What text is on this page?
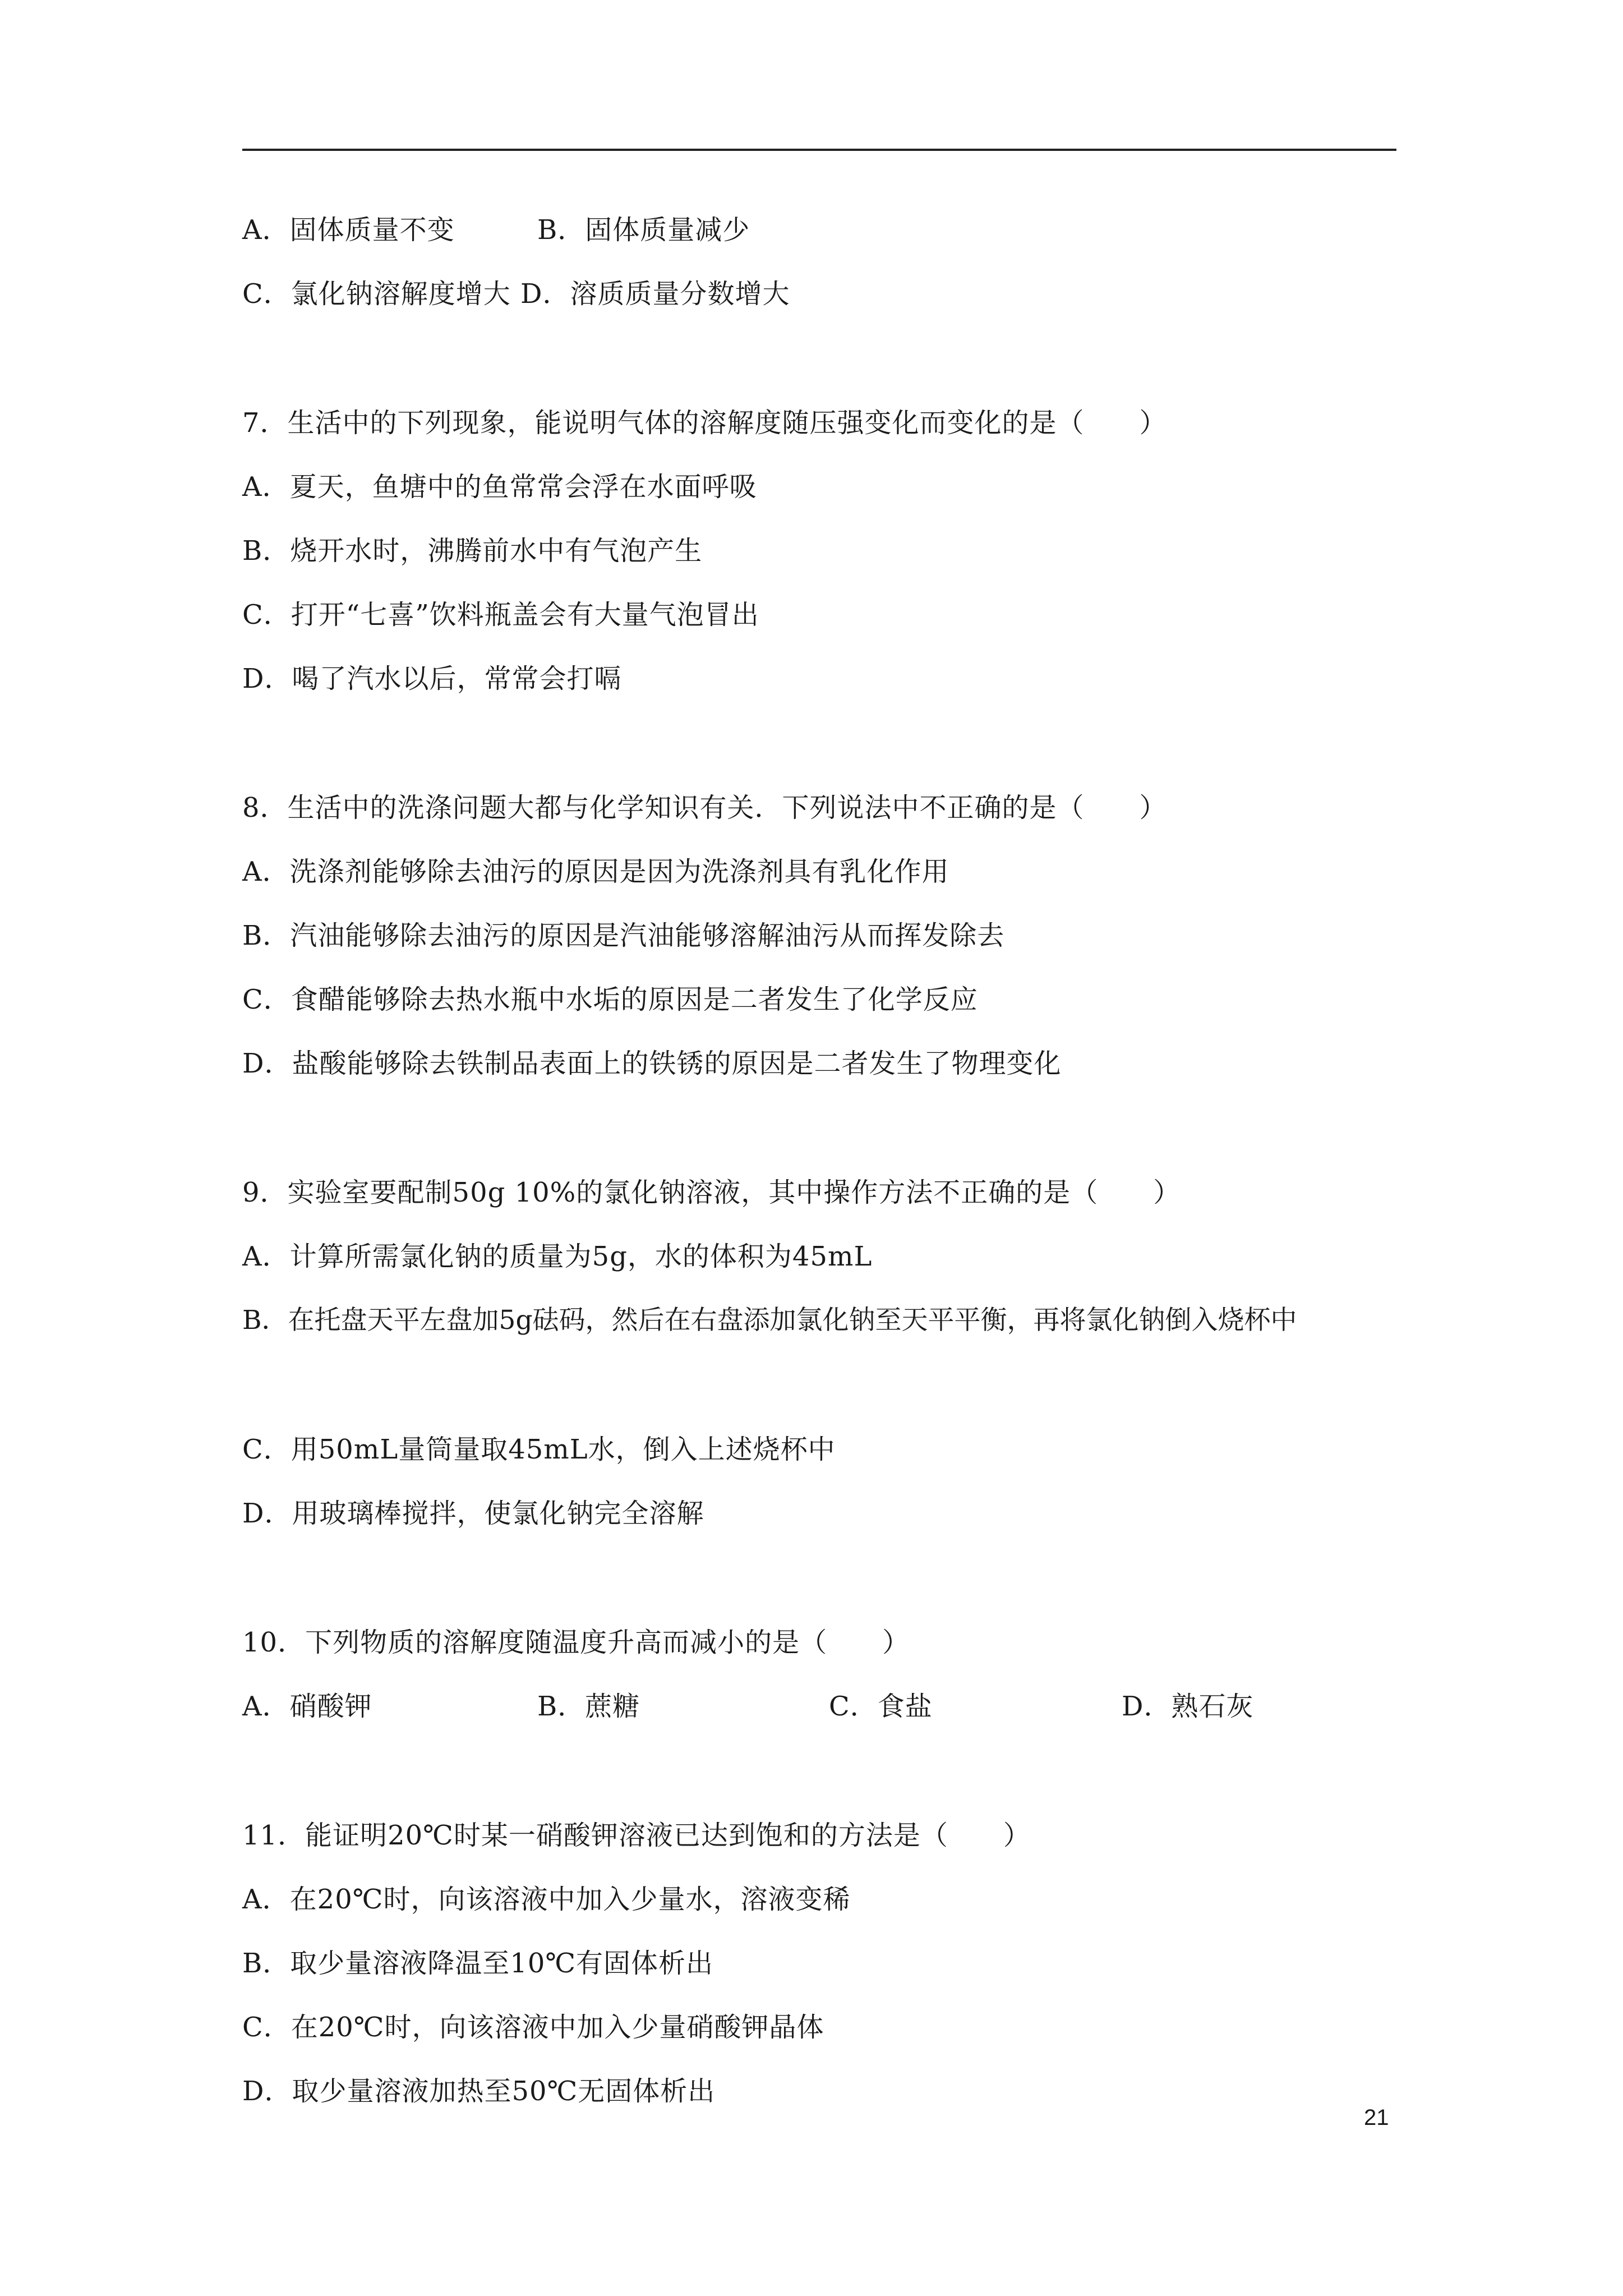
A．固体质量不变	B．固体质量减少
C．氯化钠溶解度增大 D．溶质质量分数增大
7．生活中的下列现象，能说明气体的溶解度随压强变化而变化的是（　　）
A．夏天，鱼塘中的鱼常常会浮在水面呼吸
B．烧开水时，沸腾前水中有气泡产生
C．打开“七喜”饮料瓶盖会有大量气泡冒出
D．喝了汽水以后，常常会打嗝
8．生活中的洗涤问题大都与化学知识有关．下列说法中不正确的是（　　）
A．洗涤剂能够除去油污的原因是因为洗涤剂具有乳化作用
B．汽油能够除去油污的原因是汽油能够溶解油污从而挥发除去
C．食醋能够除去热水瓶中水垢的原因是二者发生了化学反应
D．盐酸能够除去铁制品表面上的铁锈的原因是二者发生了物理变化
9．实验室要配制50g 10%的氯化钠溶液，其中操作方法不正确的是（　　）
A．计算所需氯化钠的质量为5g，水的体积为45mL
B．在托盘天平左盘加5g砝码，然后在右盘添加氯化钠至天平平衡，再将氯化钠倒入烧杯中
C．用50mL量筒量取45mL水，倒入上述烧杯中
D．用玻璃棒搅拌，使氯化钠完全溶解
10．下列物质的溶解度随温度升高而减小的是（　　）
A．硝酸钾	B．蔗糖	C．食盐	D．熟石灰
11．能证明20℃时某一硝酸钾溶液已达到饱和的方法是（　　）
A．在20℃时，向该溶液中加入少量水，溶液变稀
B．取少量溶液降温至10℃有固体析出
C．在20℃时，向该溶液中加入少量硝酸钾晶体
D．取少量溶液加热至50℃无固体析出
21
